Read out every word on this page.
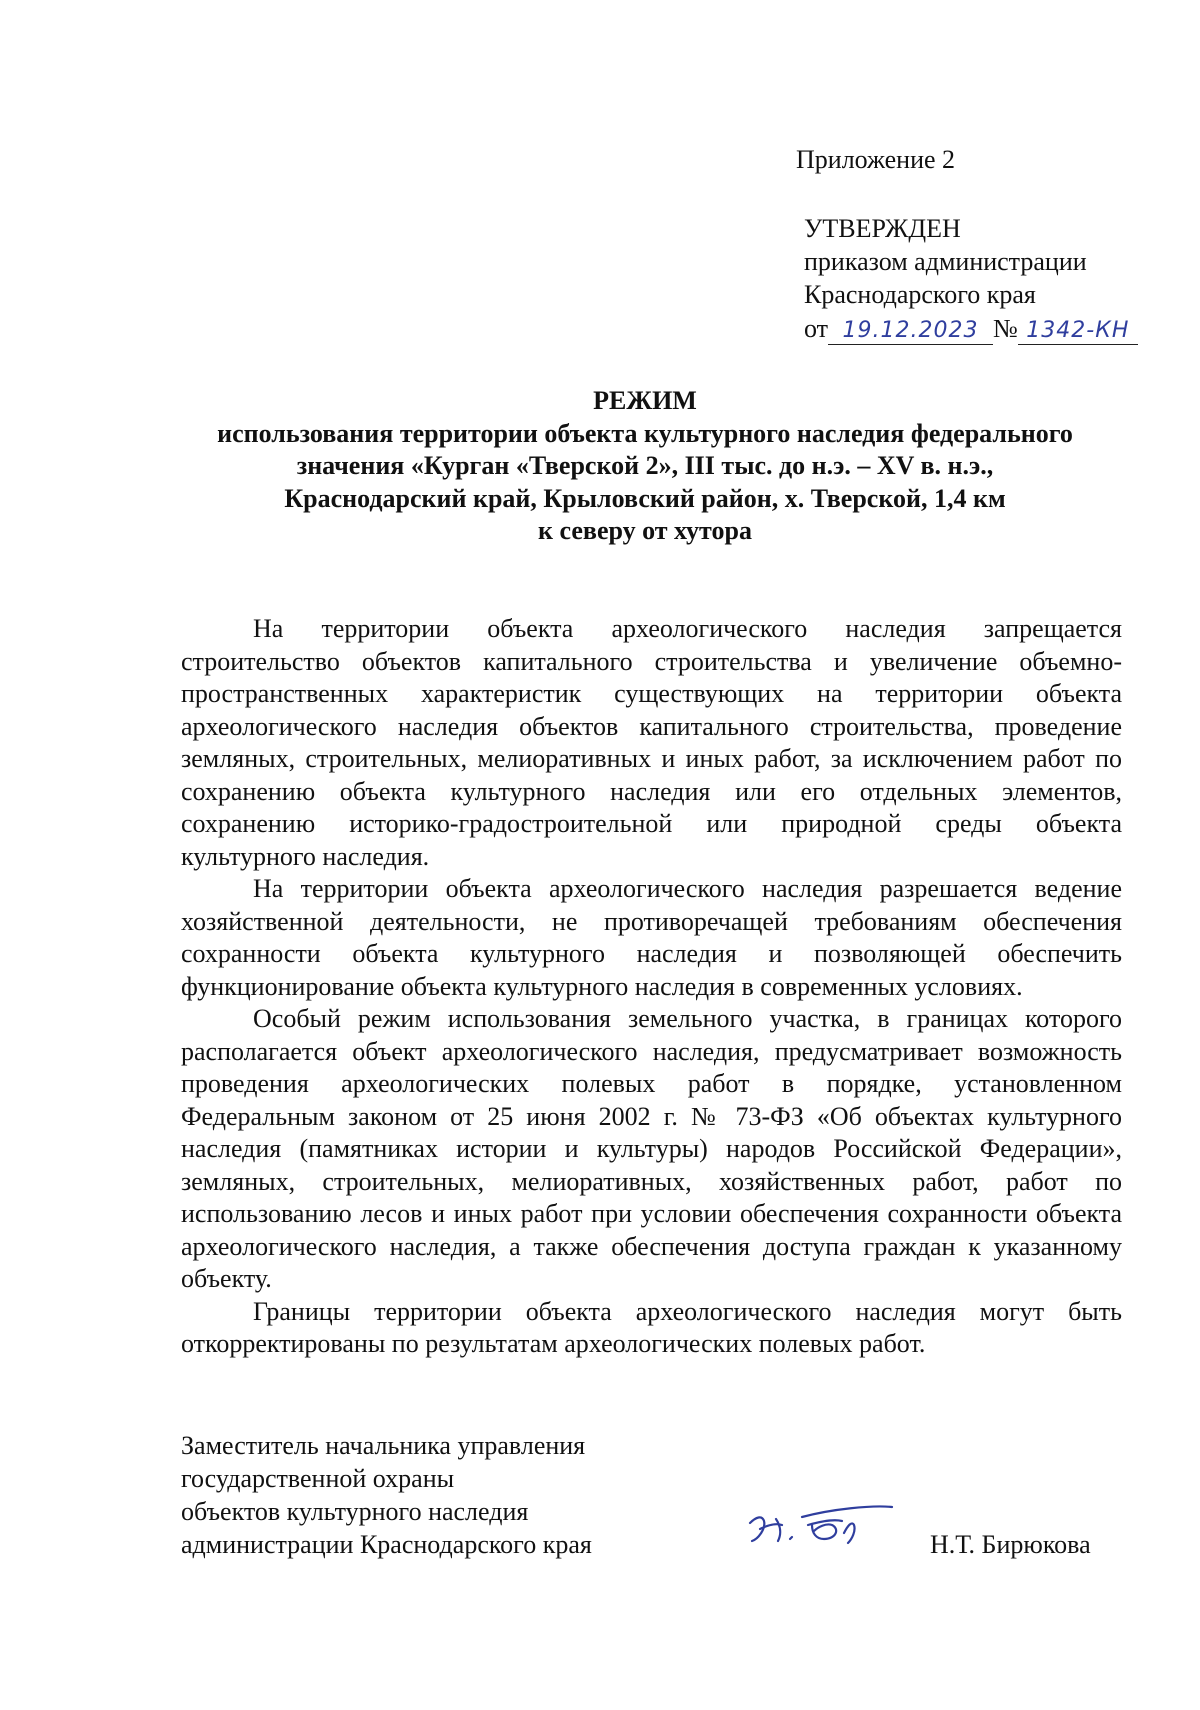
Приложение 2
УТВЕРЖДЕН
приказом администрации
Краснодарского края
от 19.12.2023 № 1342-КН
РЕЖИМ
использования территории объекта культурного наследия федерального
значения «Курган «Тверской 2», III тыс. до н.э. – XV в. н.э.,
Краснодарский край, Крыловский район, х. Тверской, 1,4 км
к северу от хутора

На территории объекта археологического наследия запрещается строительство объектов капитального строительства и увеличение объемно-пространственных характеристик существующих на территории объекта археологического наследия объектов капитального строительства, проведение земляных, строительных, мелиоративных и иных работ, за исключением работ по сохранению объекта культурного наследия или его отдельных элементов, сохранению историко-градостроительной или природной среды объекта культурного наследия.

На территории объекта археологического наследия разрешается ведение хозяйственной деятельности, не противоречащей требованиям обеспечения сохранности объекта культурного наследия и позволяющей обеспечить функционирование объекта культурного наследия в современных условиях.

Особый режим использования земельного участка, в границах которого располагается объект археологического наследия, предусматривает возможность проведения археологических полевых работ в порядке, установленном Федеральным законом от 25 июня 2002 г. № 73-ФЗ «Об объектах культурного наследия (памятниках истории и культуры) народов Российской Федерации», земляных, строительных, мелиоративных, хозяйственных работ, работ по использованию лесов и иных работ при условии обеспечения сохранности объекта археологического наследия, а также обеспечения доступа граждан к указанному объекту.

Границы территории объекта археологического наследия могут быть откорректированы по результатам археологических полевых работ.

Заместитель начальника управления
государственной охраны
объектов культурного наследия
администрации Краснодарского края	Н.Т. Бирюкова
